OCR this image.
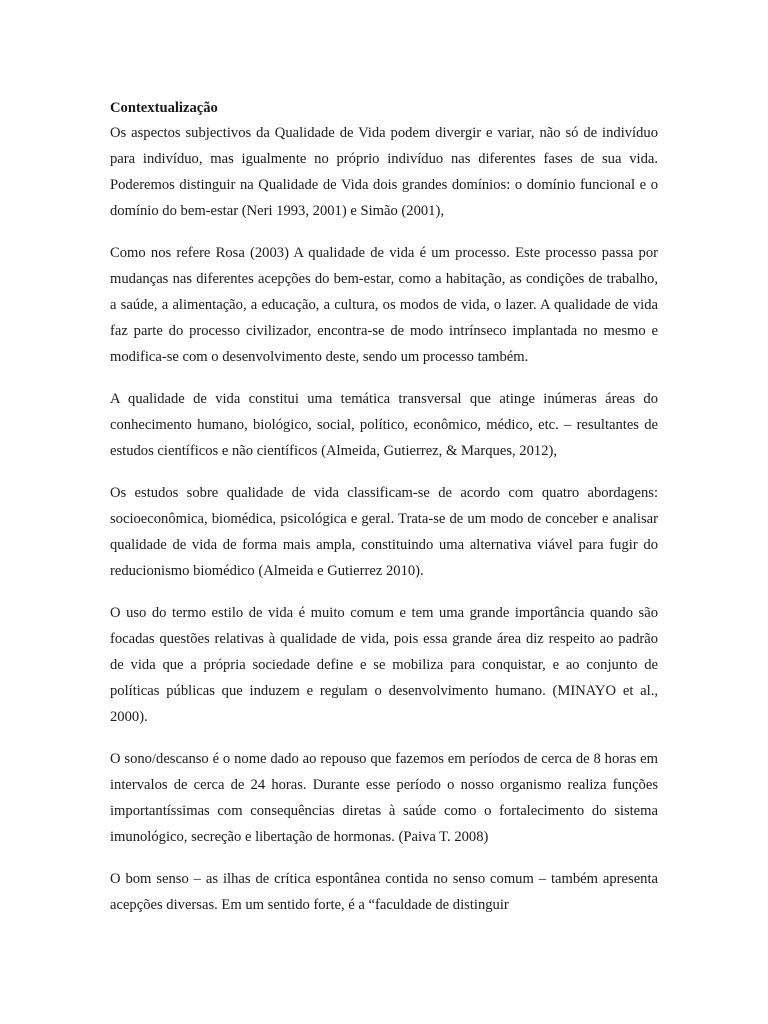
Contextualização

Os aspectos subjectivos da Qualidade de Vida podem divergir e variar, não só de indivíduo para indivíduo, mas igualmente no próprio indivíduo nas diferentes fases de sua vida. Poderemos distinguir na Qualidade de Vida dois grandes domínios: o domínio funcional e o domínio do bem-estar (Neri 1993, 2001) e Simão (2001),

Como nos refere Rosa (2003) A qualidade de vida é um processo. Este processo passa por mudanças nas diferentes acepções do bem-estar, como a habitação, as condições de trabalho, a saúde, a alimentação, a educação, a cultura, os modos de vida, o lazer. A qualidade de vida faz parte do processo civilizador, encontra-se de modo intrínseco implantada no mesmo e modifica-se com o desenvolvimento deste, sendo um processo também.

A qualidade de vida constitui uma temática transversal que atinge inúmeras áreas do conhecimento humano, biológico, social, político, econômico, médico, etc. – resultantes de estudos científicos e não científicos (Almeida, Gutierrez, & Marques, 2012),

Os estudos sobre qualidade de vida classificam-se de acordo com quatro abordagens: socioeconômica, biomédica, psicológica e geral. Trata-se de um modo de conceber e analisar qualidade de vida de forma mais ampla, constituindo uma alternativa viável para fugir do reducionismo biomédico (Almeida e Gutierrez 2010).

O uso do termo estilo de vida é muito comum e tem uma grande importância quando são focadas questões relativas à qualidade de vida, pois essa grande área diz respeito ao padrão de vida que a própria sociedade define e se mobiliza para conquistar, e ao conjunto de políticas públicas que induzem e regulam o desenvolvimento humano. (MINAYO et al., 2000).

O sono/descanso é o nome dado ao repouso que fazemos em períodos de cerca de 8 horas em intervalos de cerca de 24 horas. Durante esse período o nosso organismo realiza funções importantíssimas com consequências diretas à saúde como o fortalecimento do sistema imunológico, secreção e libertação de hormonas. (Paiva T. 2008)

O bom senso – as ilhas de crítica espontânea contida no senso comum – também apresenta acepções diversas. Em um sentido forte, é a “faculdade de distinguir
